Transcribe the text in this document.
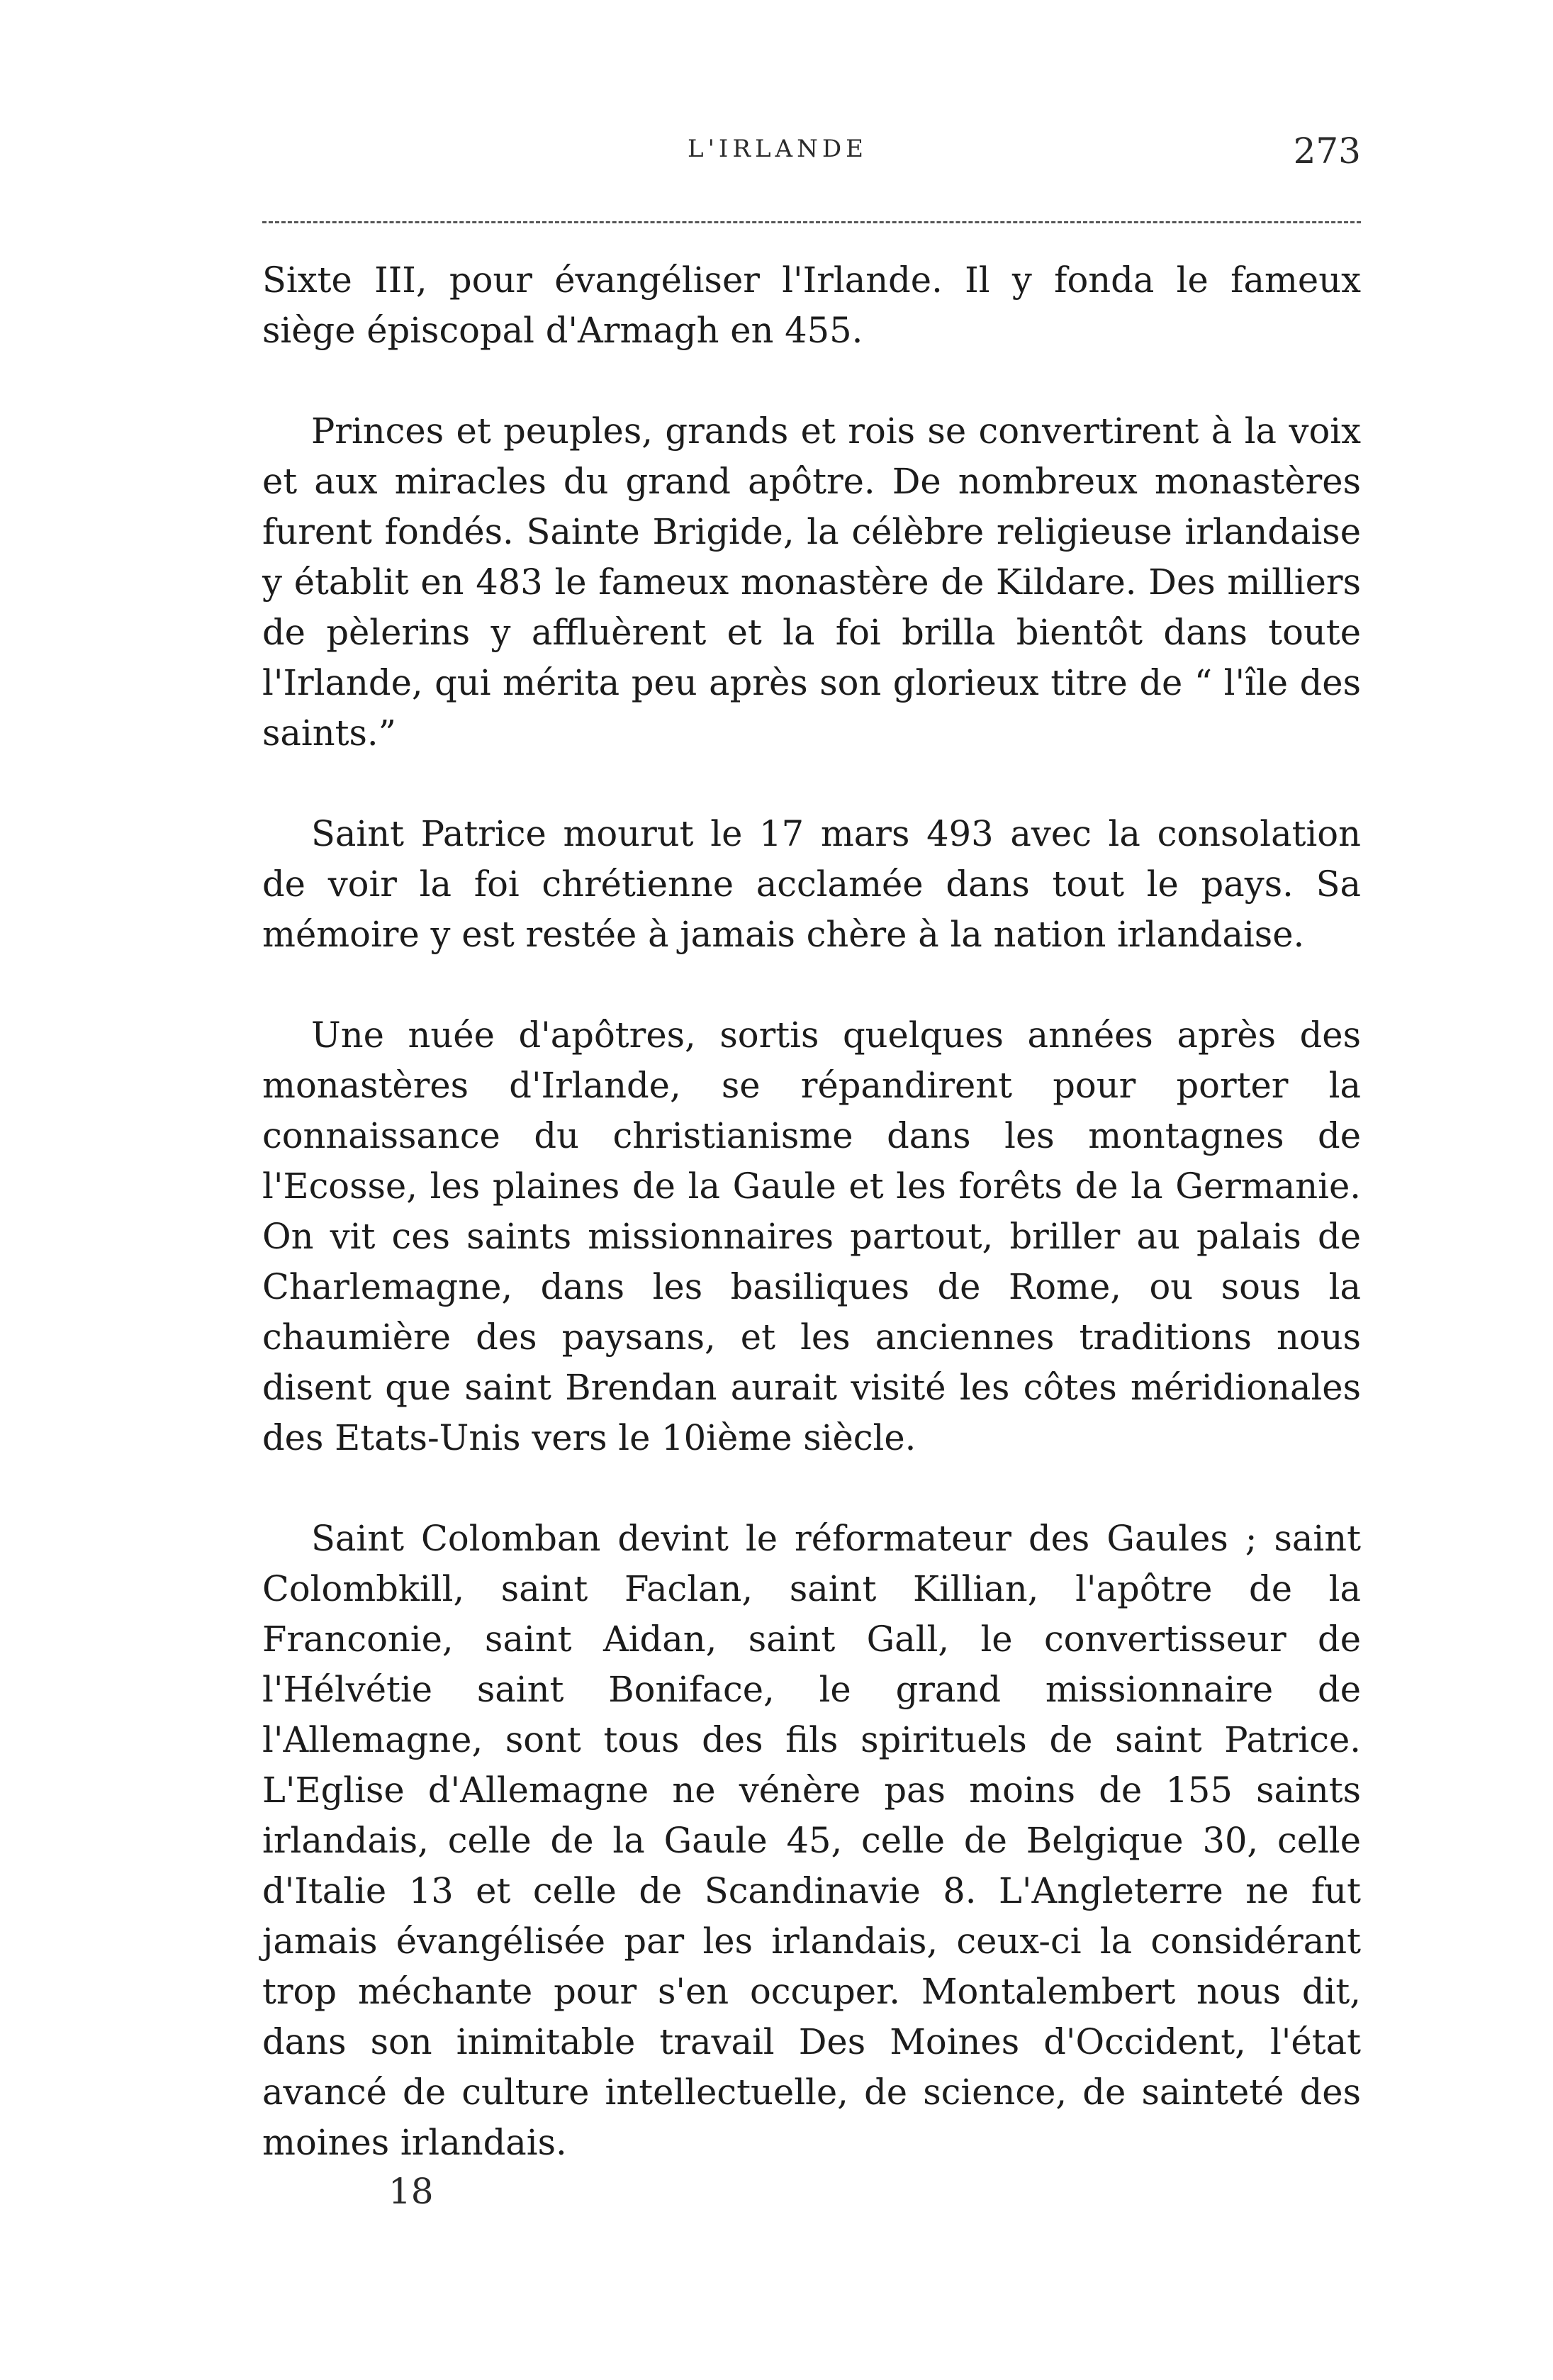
L'IRLANDE	273

Sixte III, pour évangéliser l'Irlande. Il y fonda le fameux siège épiscopal d'Armagh en 455.

Princes et peuples, grands et rois se convertirent à la voix et aux miracles du grand apôtre. De nombreux monastères furent fondés. Sainte Brigide, la célèbre religieuse irlandaise y établit en 483 le fameux monastère de Kildare. Des milliers de pèlerins y affluèrent et la foi brilla bientôt dans toute l'Irlande, qui mérita peu après son glorieux titre de “ l'île des saints.”

Saint Patrice mourut le 17 mars 493 avec la consolation de voir la foi chrétienne acclamée dans tout le pays. Sa mémoire y est restée à jamais chère à la nation irlandaise.

Une nuée d'apôtres, sortis quelques années après des monastères d'Irlande, se répandirent pour porter la connaissance du christianisme dans les montagnes de l'Ecosse, les plaines de la Gaule et les forêts de la Germanie. On vit ces saints missionnaires partout, briller au palais de Charlemagne, dans les basiliques de Rome, ou sous la chaumière des paysans, et les anciennes traditions nous disent que saint Brendan aurait visité les côtes méridionales des Etats-Unis vers le 10ième siècle.

Saint Colomban devint le réformateur des Gaules ; saint Colombkill, saint Faclan, saint Killian, l'apôtre de la Franconie, saint Aidan, saint Gall, le convertisseur de l'Hélvétie saint Boniface, le grand missionnaire de l'Allemagne, sont tous des fils spirituels de saint Patrice. L'Eglise d'Allemagne ne vénère pas moins de 155 saints irlandais, celle de la Gaule 45, celle de Belgique 30, celle d'Italie 13 et celle de Scandinavie 8. L'Angleterre ne fut jamais évangélisée par les irlandais, ceux-ci la considérant trop méchante pour s'en occuper. Montalembert nous dit, dans son inimitable travail Des Moines d'Occident, l'état avancé de culture intellectuelle, de science, de sainteté des moines irlandais.

18
